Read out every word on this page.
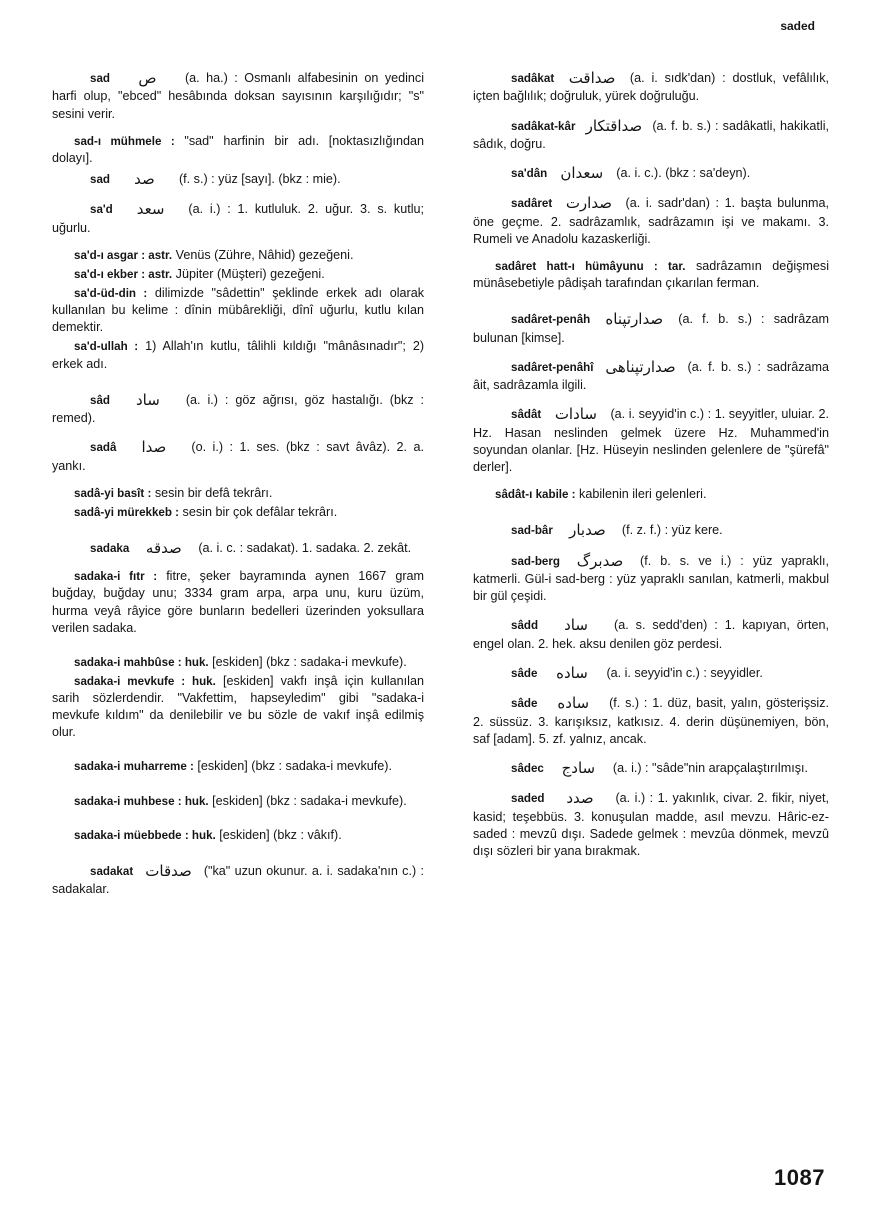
saded

sad ص (a. ha.) : Osmanlı alfabesinin on yedinci harfi olup, "ebced" hesâbında doksan sayısının karşılığıdır; "s" sesini verir.

sad-ı mühmele : "sad" harfinin bir adı. [noktasızlığından dolayı].

sad صد (f. s.) : yüz [sayı]. (bkz : mie).

sa'd سعد (a. i.) : 1. kutluluk. 2. uğur. 3. s. kutlu; uğurlu.

sa'd-ı asgar : astr. Venüs (Zühre, Nâhid) gezeğeni.

sa'd-ı ekber : astr. Jüpiter (Müşteri) gezeğeni.

sa'd-üd-din : dilimizde "sâdettin" şeklinde erkek adı olarak kullanılan bu kelime : dînin mübârekliği, dînî uğurlu, kutlu kılan demektir.

sa'd-ullah : 1) Allah'ın kutlu, tâlihli kıldığı "mânâsınadır"; 2) erkek adı.

sâd ساد (a. i.) : göz ağrısı, göz hastalığı. (bkz : remed).

sadâ صدا (o. i.) : 1. ses. (bkz : savt âvâz). 2. a. yankı.

sadâ-yi basît : sesin bir defâ tekrârı.

sadâ-yi mürekkeb : sesin bir çok defâlar tekrârı.

sadaka صدقه (a. i. c. : sadakat). 1. sadaka. 2. zekât.

sadaka-i fıtr : fitre, şeker bayramında aynen 1667 gram buğday, buğday unu; 3334 gram arpa, arpa unu, kuru üzüm, hurma veyâ râyice göre bunların bedelleri üzerinden yoksullara verilen sadaka.

sadaka-i mahbûse : huk. [eskiden] (bkz : sadaka-i mevkufe).

sadaka-i mevkufe : huk. [eskiden] vakfı inşâ için kullanılan sarih sözlerdendir. "Vakfettim, hapseyledim" gibi "sadaka-i mevkufe kıldım" da denilebilir ve bu sözle de vakıf inşâ edilmiş olur.

sadaka-i muharreme : [eskiden] (bkz : sadaka-i mevkufe).

sadaka-i muhbese : huk. [eskiden] (bkz : sadaka-i mevkufe).

sadaka-i müebbede : huk. [eskiden] (bkz : vâkıf).

sadakat صدقات ("ka" uzun okunur. a. i. sadaka'nın c.) : sadakalar.

sadâkat صداقت (a. i. sıdk'dan) : dostluk, vefâlılık, içten bağlılık; doğruluk, yürek doğruluğu.

sadâkat-kâr صداقتكار (a. f. b. s.) : sadâkatli, hakikatli, sâdık, doğru.

sa'dân سعدان (a. i. c.). (bkz : sa'deyn).

sadâret صدارت (a. i. sadr'dan) : 1. başta bulunma, öne geçme. 2. sadrâzamlık, sadrâzamın işi ve makamı. 3. Rumeli ve Anadolu kazaskerliği.

sadâret hatt-ı hümâyunu : tar. sadrâzamın değişmesi münâsebetiyle pâdişah tarafından çıkarılan ferman.

sadâret-penâh صدارتپناه (a. f. b. s.) : sadrâzam bulunan [kimse].

sadâret-penâhî صدارتپناهى (a. f. b. s.) : sadrâzama âit, sadrâzamla ilgili.

sâdât سادات (a. i. seyyid'in c.) : 1. seyyitler, uluiar. 2. Hz. Hasan neslinden gelmek üzere Hz. Muhammed'in soyundan olanlar. [Hz. Hüseyin neslinden gelenlere de "şürefâ" derler].

sâdât-ı kabile : kabilenin ileri gelenleri.

sad-bâr صدبار (f. z. f.) : yüz kere.

sad-berg صدبرگ (f. b. s. ve i.) : yüz yapraklı, katmerli. Gül-i sad-berg : yüz yapraklı sanılan, katmerli, makbul bir gül çeşidi.

sâdd ساد (a. s. sedd'den) : 1. kapıyan, örten, engel olan. 2. hek. aksu denilen göz perdesi.

sâde ساده (a. i. seyyid'in c.) : seyyidler.

sâde ساده (f. s.) : 1. düz, basit, yalın, gösterişsiz. 2. süssüz. 3. karışıksız, katkısız. 4. derin düşünemiyen, bön, saf [adam]. 5. zf. yalnız, ancak.

sâdec سادج (a. i.) : "sâde"nin arapçalaştırılmışı.

saded صدد (a. i.) : 1. yakınlık, civar. 2. fikir, niyet, kasid; teşebbüs. 3. konuşulan madde, asıl mevzu. Hâric-ez-saded : mevzû dışı. Sadede gelmek : mevzûa dönmek, mevzû dışı sözleri bir yana bırakmak.

1087
